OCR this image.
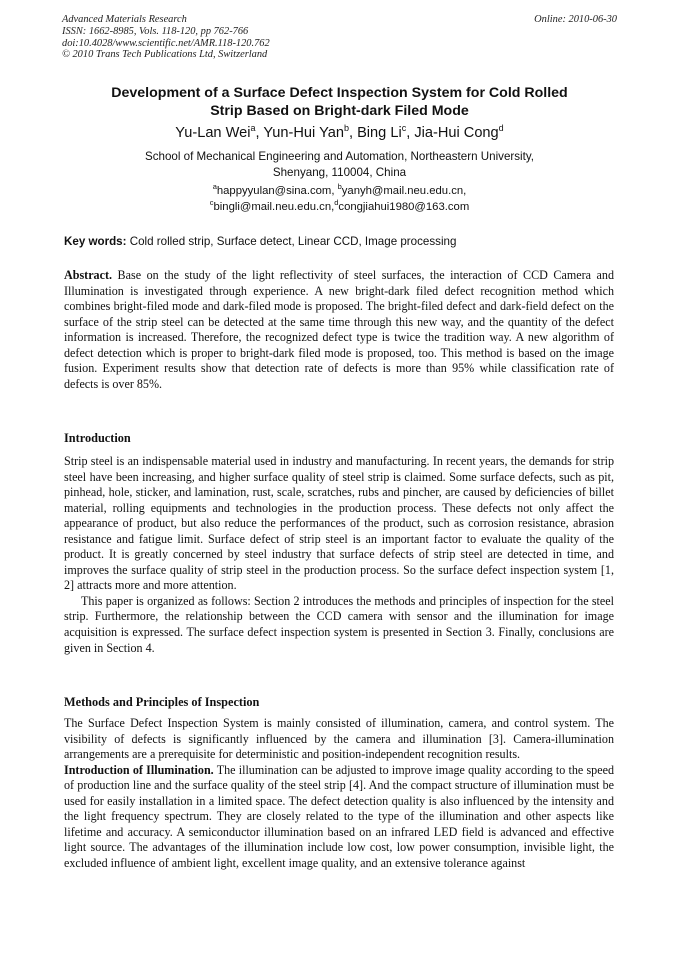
Advanced Materials Research
ISSN: 1662-8985, Vols. 118-120, pp 762-766
doi:10.4028/www.scientific.net/AMR.118-120.762
© 2010 Trans Tech Publications Ltd, Switzerland
Online: 2010-06-30
Development of a Surface Defect Inspection System for Cold Rolled
Strip Based on Bright-dark Filed Mode
Yu-Lan Wei$^a$, Yun-Hui Yan$^b$, Bing Li$^c$, Jia-Hui Cong$^d$
School of Mechanical Engineering and Automation, Northeastern University,
Shenyang, 110004, China
$^a$happyyulan@sina.com, $^b$yanyh@mail.neu.edu.cn,
$^c$bingli@mail.neu.edu.cn,$^d$congjiahui1980@163.com
Key words: Cold rolled strip, Surface detect, Linear CCD, Image processing
Abstract. Base on the study of the light reflectivity of steel surfaces, the interaction of CCD Camera and Illumination is investigated through experience. A new bright-dark filed defect recognition method which combines bright-filed mode and dark-filed mode is proposed. The bright-filed defect and dark-field defect on the surface of the strip steel can be detected at the same time through this new way, and the quantity of the defect information is increased. Therefore, the recognized defect type is twice the tradition way. A new algorithm of defect detection which is proper to bright-dark filed mode is proposed, too. This method is based on the image fusion. Experiment results show that detection rate of defects is more than 95% while classification rate of defects is over 85%.
Introduction

Strip steel is an indispensable material used in industry and manufacturing. In recent years, the demands for strip steel have been increasing, and higher surface quality of steel strip is claimed. Some surface defects, such as pit, pinhead, hole, sticker, and lamination, rust, scale, scratches, rubs and pincher, are caused by deficiencies of billet material, rolling equipments and technologies in the production process. These defects not only affect the appearance of product, but also reduce the performances of the product, such as corrosion resistance, abrasion resistance and fatigue limit. Surface defect of strip steel is an important factor to evaluate the quality of the product. It is greatly concerned by steel industry that surface defects of strip steel are detected in time, and improves the surface quality of strip steel in the production process. So the surface defect inspection system [1, 2] attracts more and more attention.

This paper is organized as follows: Section 2 introduces the methods and principles of inspection for the steel strip. Furthermore, the relationship between the CCD camera with sensor and the illumination for image acquisition is expressed. The surface defect inspection system is presented in Section 3. Finally, conclusions are given in Section 4.

Methods and Principles of Inspection

The Surface Defect Inspection System is mainly consisted of illumination, camera, and control system. The visibility of defects is significantly influenced by the camera and illumination [3]. Camera-illumination arrangements are a prerequisite for deterministic and position-independent recognition results.

Introduction of Illumination. The illumination can be adjusted to improve image quality according to the speed of production line and the surface quality of the steel strip [4]. And the compact structure of illumination must be used for easily installation in a limited space. The defect detection quality is also influenced by the intensity and the light frequency spectrum. They are closely related to the type of the illumination and other aspects like lifetime and accuracy. A semiconductor illumination based on an infrared LED field is advanced and effective light source. The advantages of the illumination include low cost, low power consumption, invisible light, the excluded influence of ambient light, excellent image quality, and an extensive tolerance against
